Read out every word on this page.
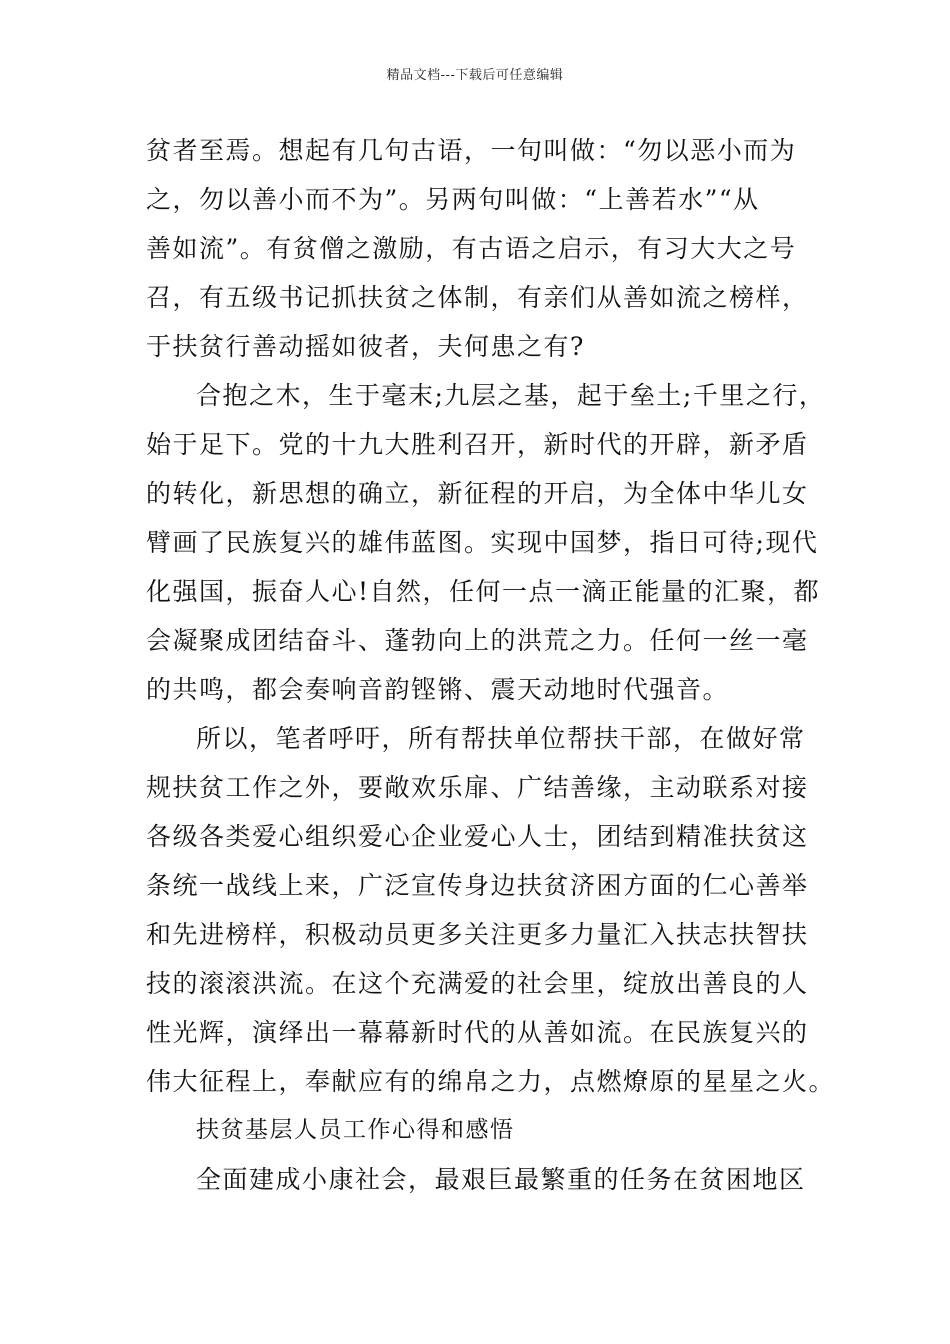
精品文档---下载后可任意编辑
贫者至焉。想起有几句古语，一句叫做：“勿以恶小而为
之，勿以善小而不为”。另两句叫做：“上善若水”“从
善如流”。有贫僧之激励，有古语之启示，有习大大之号
召，有五级书记抓扶贫之体制，有亲们从善如流之榜样，
于扶贫行善动摇如彼者，夫何患之有?
合抱之木，生于毫末;九层之基，起于垒土;千里之行，
始于足下。党的十九大胜利召开，新时代的开辟，新矛盾
的转化，新思想的确立，新征程的开启，为全体中华儿女
臂画了民族复兴的雄伟蓝图。实现中国梦，指日可待;现代
化强国，振奋人心!自然，任何一点一滴正能量的汇聚，都
会凝聚成团结奋斗、蓬勃向上的洪荒之力。任何一丝一毫
的共鸣，都会奏响音韵铿锵、震天动地时代强音。
所以，笔者呼吁，所有帮扶单位帮扶干部，在做好常
规扶贫工作之外，要敞欢乐扉、广结善缘，主动联系对接
各级各类爱心组织爱心企业爱心人士，团结到精准扶贫这
条统一战线上来，广泛宣传身边扶贫济困方面的仁心善举
和先进榜样，积极动员更多关注更多力量汇入扶志扶智扶
技的滚滚洪流。在这个充满爱的社会里，绽放出善良的人
性光辉，演绎出一幕幕新时代的从善如流。在民族复兴的
伟大征程上，奉献应有的绵帛之力，点燃燎原的星星之火。
扶贫基层人员工作心得和感悟
全面建成小康社会，最艰巨最繁重的任务在贫困地区
